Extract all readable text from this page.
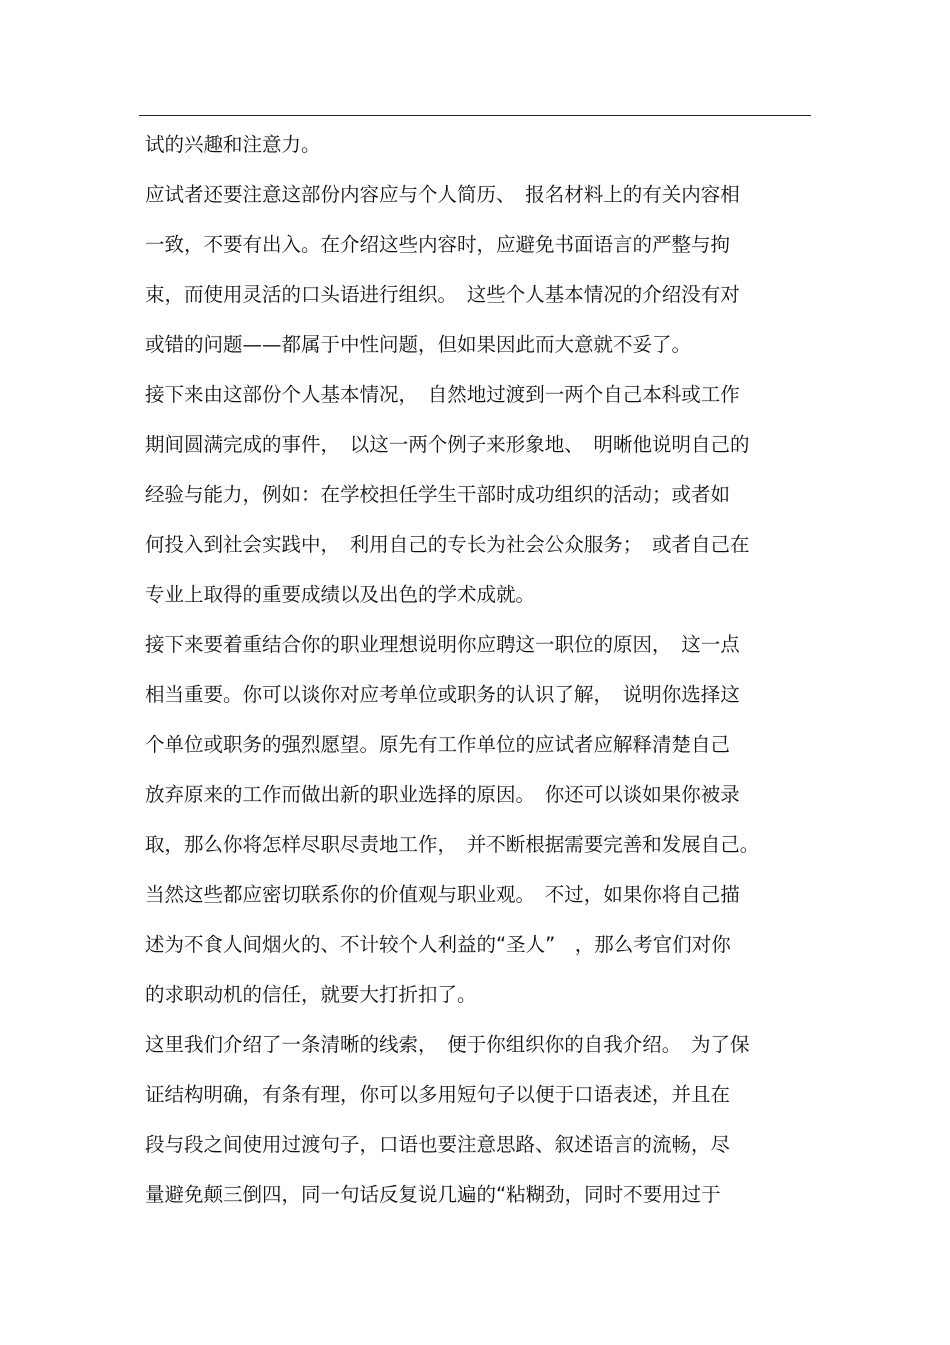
试的兴趣和注意力。
应试者还要注意这部份内容应与个人简历、　报名材料上的有关内容相
一致，不要有出入。在介绍这些内容时，应避免书面语言的严整与拘
束，而使用灵活的口头语进行组织。　这些个人基本情况的介绍没有对
或错的问题——都属于中性问题，但如果因此而大意就不妥了。
接下来由这部份个人基本情况，　自然地过渡到一两个自己本科或工作
期间圆满完成的事件，　以这一两个例子来形象地、　明晰他说明自己的
经验与能力，例如：在学校担任学生干部时成功组织的活动；或者如
何投入到社会实践中，　利用自己的专长为社会公众服务；　或者自己在
专业上取得的重要成绩以及出色的学术成就。
接下来要着重结合你的职业理想说明你应聘这一职位的原因，　这一点
相当重要。你可以谈你对应考单位或职务的认识了解，　说明你选择这
个单位或职务的强烈愿望。原先有工作单位的应试者应解释清楚自己
放弃原来的工作而做出新的职业选择的原因。　你还可以谈如果你被录
取，那么你将怎样尽职尽责地工作，　并不断根据需要完善和发展自己。
当然这些都应密切联系你的价值观与职业观。　不过，如果你将自己描
述为不食人间烟火的、不计较个人利益的“圣人”　，那么考官们对你
的求职动机的信任，就要大打折扣了。
这里我们介绍了一条清晰的线索，　便于你组织你的自我介绍。　为了保
证结构明确，有条有理，你可以多用短句子以便于口语表述，并且在
段与段之间使用过渡句子，口语也要注意思路、叙述语言的流畅，尽
量避免颠三倒四，同一句话反复说几遍的“粘糊劲，同时不要用过于
